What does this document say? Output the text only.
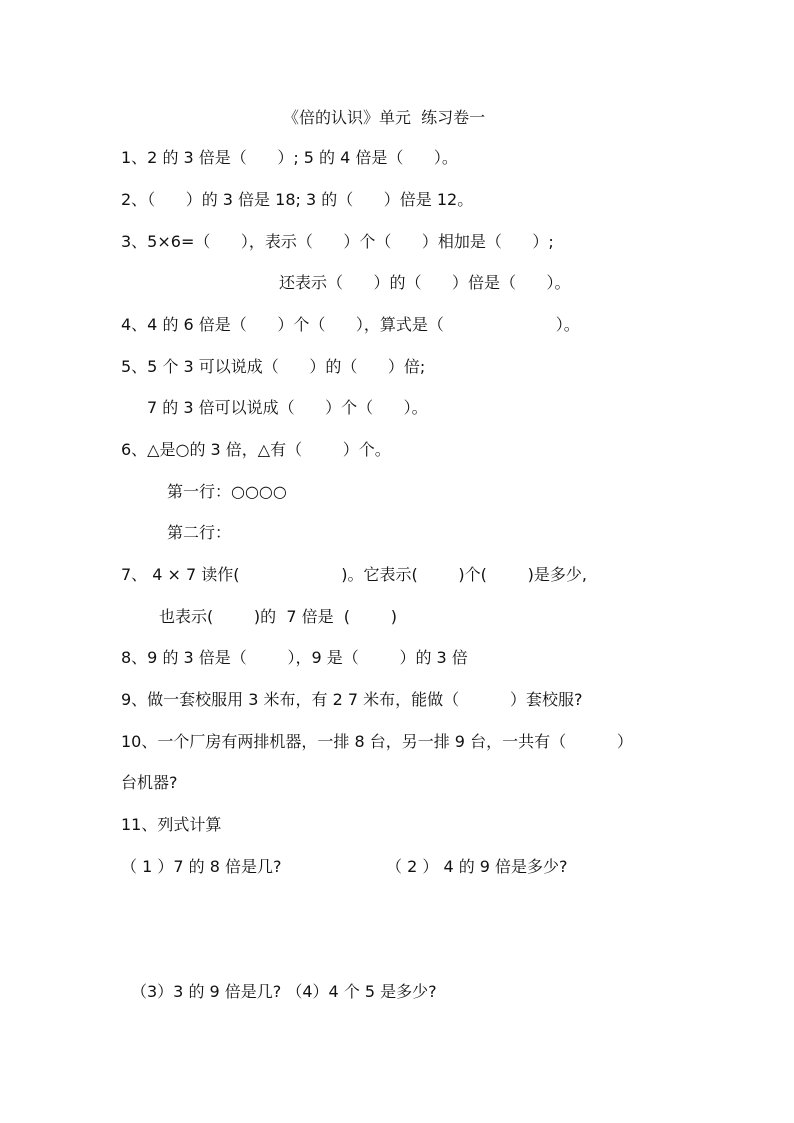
《倍的认识》单元  练习卷一
1、2 的 3 倍是（      ）; 5 的 4 倍是（      ）。
2、（      ）的 3 倍是 18; 3 的（      ）倍是 12。
3、5×6=（      ），表示（      ）个（      ）相加是（      ）;
还表示（      ）的（      ）倍是（      ）。
4、4 的 6 倍是（      ）个（      ），算式是（                      ）。
5、5 个 3 可以说成（      ）的（      ）倍;
7 的 3 倍可以说成（      ）个（      ）。
6、△是○的 3 倍，△有（        ）个。
第一行：○○○○
第二行：
7、 4 × 7 读作(                    )。它表示(        )个(        )是多少,
也表示(        )的  7 倍是  (        )
8、9 的 3 倍是（        ），9 是（        ）的 3 倍
9、做一套校服用 3 米布，有 2 7 米布，能做（          ）套校服?
10、一个厂房有两排机器，一排 8 台，另一排 9 台，一共有（          ）
台机器?
11、列式计算
（ 1 ）7 的 8 倍是几?	（ 2 ） 4 的 9 倍是多少?
（3）3 的 9 倍是几? （4）4 个 5 是多少?
